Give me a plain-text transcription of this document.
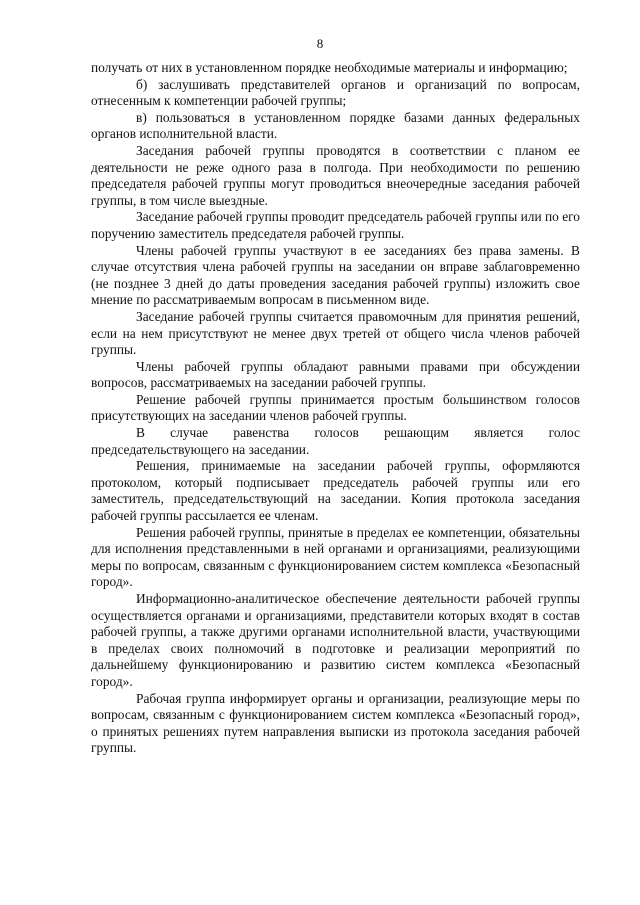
8

получать от них в установленном порядке необходимые материалы и информацию;

б) заслушивать представителей органов и организаций по вопросам, отнесенным к компетенции рабочей группы;

в) пользоваться в установленном порядке базами данных федеральных органов исполнительной власти.

Заседания рабочей группы проводятся в соответствии с планом ее деятельности не реже одного раза в полгода. При необходимости по решению председателя рабочей группы могут проводиться внеочередные заседания рабочей группы, в том числе выездные.

Заседание рабочей группы проводит председатель рабочей группы или по его поручению заместитель председателя рабочей группы.

Члены рабочей группы участвуют в ее заседаниях без права замены. В случае отсутствия члена рабочей группы на заседании он вправе заблаговременно (не позднее 3 дней до даты проведения заседания рабочей группы) изложить свое мнение по рассматриваемым вопросам в письменном виде.

Заседание рабочей группы считается правомочным для принятия решений, если на нем присутствуют не менее двух третей от общего числа членов рабочей группы.

Члены рабочей группы обладают равными правами при обсуждении вопросов, рассматриваемых на заседании рабочей группы.

Решение рабочей группы принимается простым большинством голосов присутствующих на заседании членов рабочей группы.

В случае равенства голосов решающим является голос председательствующего на заседании.

Решения, принимаемые на заседании рабочей группы, оформляются протоколом, который подписывает председатель рабочей группы или его заместитель, председательствующий на заседании. Копия протокола заседания рабочей группы рассылается ее членам.

Решения рабочей группы, принятые в пределах ее компетенции, обязательны для исполнения представленными в ней органами и организациями, реализующими меры по вопросам, связанным с функционированием систем комплекса «Безопасный город».

Информационно-аналитическое обеспечение деятельности рабочей группы осуществляется органами и организациями, представители которых входят в состав рабочей группы, а также другими органами исполнительной власти, участвующими в пределах своих полномочий в подготовке и реализации мероприятий по дальнейшему функционированию и развитию систем комплекса «Безопасный город».

Рабочая группа информирует органы и организации, реализующие меры по вопросам, связанным с функционированием систем комплекса «Безопасный город», о принятых решениях путем направления выписки из протокола заседания рабочей группы.
